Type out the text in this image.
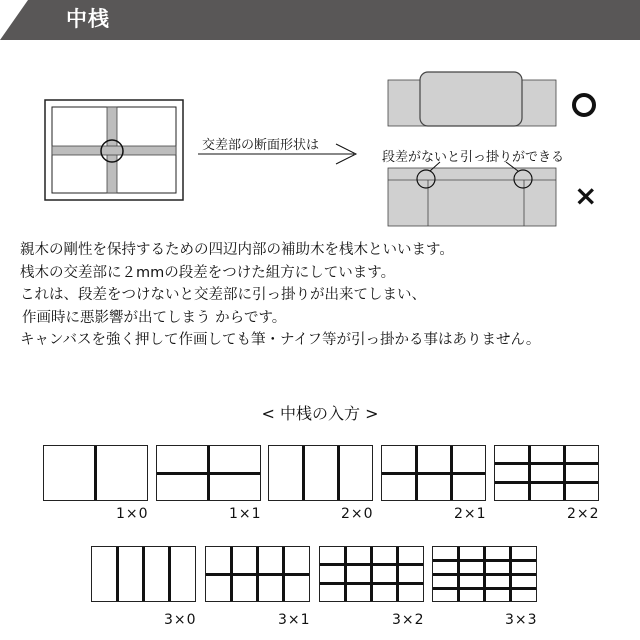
中桟
交差部の断面形状は
段差がないと引っ掛りができる
×
親木の剛性を保持するための四辺内部の補助木を桟木といいます。
桟木の交差部に２mmの段差をつけた組方にしています。
これは、段差をつけないと交差部に引っ掛りが出来てしまい、
作画時に悪影響が出てしまう からです。
キャンバスを強く押して作画しても筆・ナイフ等が引っ掛かる事はありません。
< 中桟の入方 >
1×0	1×1	2×0	2×1	2×2
3×0	3×1	3×2	3×3
